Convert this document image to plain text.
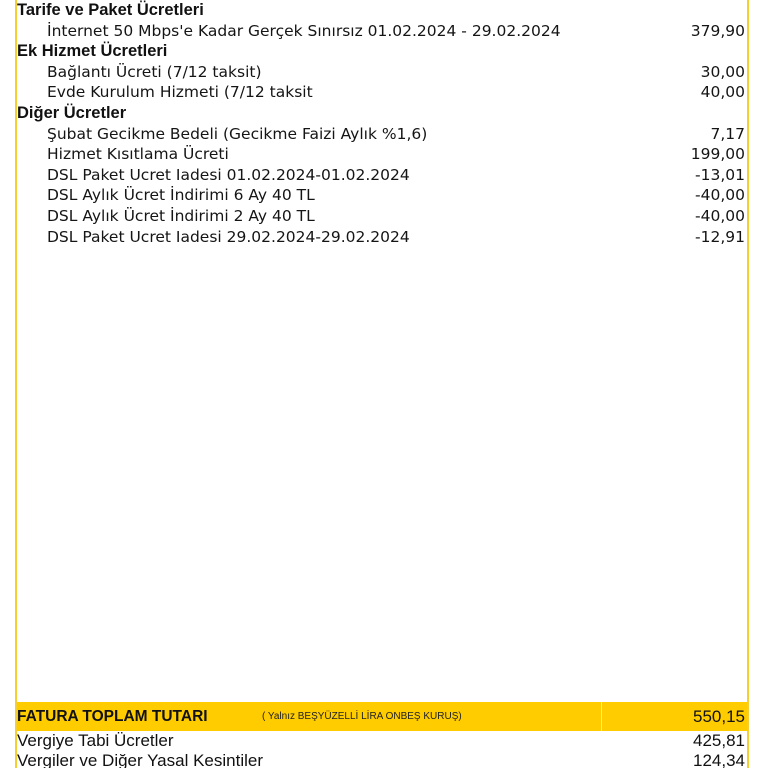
Tarife ve Paket Ücretleri
İnternet 50 Mbps'e Kadar Gerçek Sınırsız 01.02.2024 - 29.02.2024	379,90
Ek Hizmet Ücretleri
Bağlantı Ücreti (7/12 taksit)	30,00
Evde Kurulum Hizmeti (7/12 taksit	40,00
Diğer Ücretler
Şubat Gecikme Bedeli (Gecikme Faizi Aylık %1,6)	7,17
Hizmet Kısıtlama Ücreti	199,00
DSL Paket Ucret Iadesi 01.02.2024-01.02.2024	-13,01
DSL Aylık Ücret İndirimi 6 Ay 40 TL	-40,00
DSL Aylık Ücret İndirimi 2 Ay 40 TL	-40,00
DSL Paket Ucret Iadesi 29.02.2024-29.02.2024	-12,91
FATURA TOPLAM TUTARI	( Yalnız BEŞYÜZELLİ LİRA ONBEŞ KURUŞ)	550,15
Vergiye Tabi Ücretler	425,81
Vergiler ve Diğer Yasal Kesintiler	124,34
